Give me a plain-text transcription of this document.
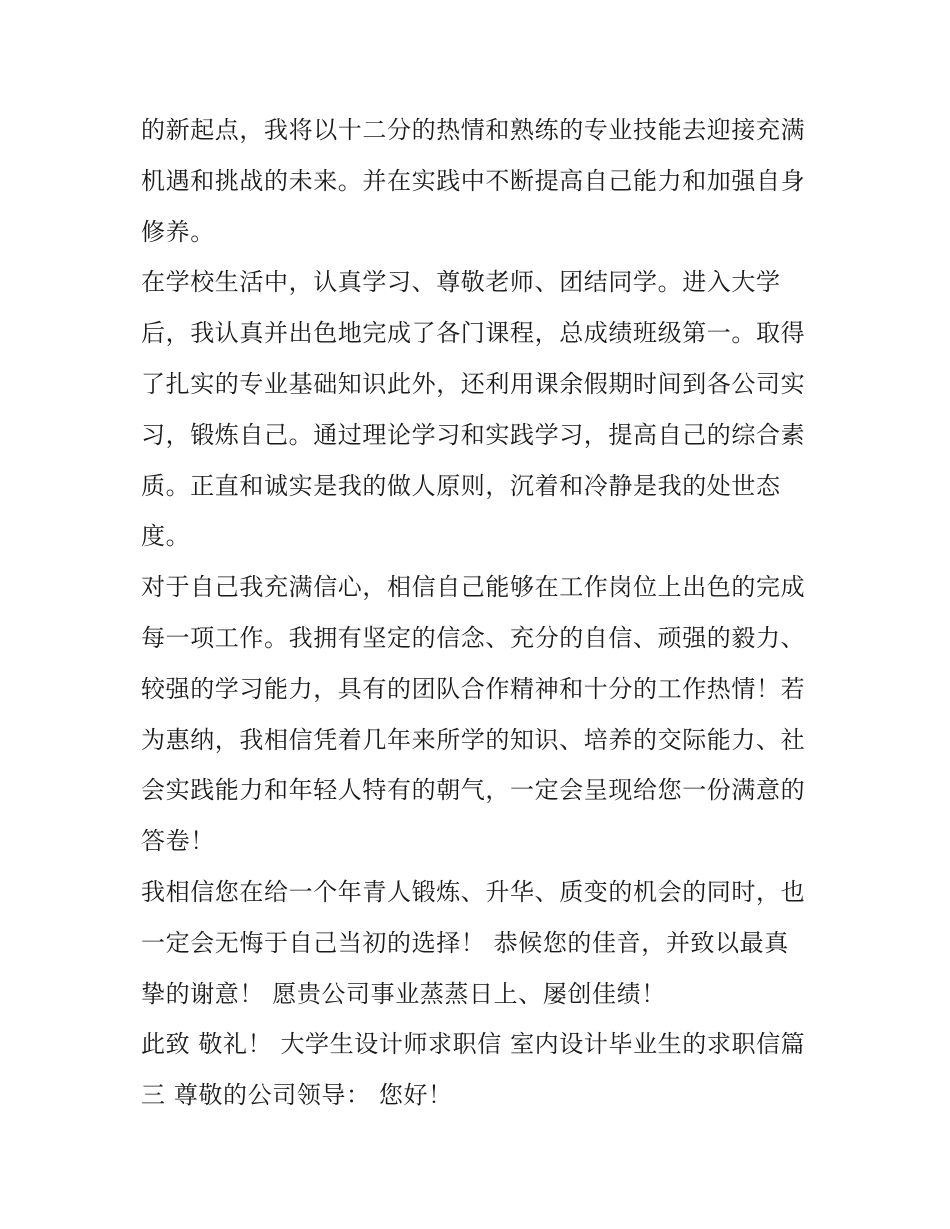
的新起点，我将以十二分的热情和熟练的专业技能去迎接充满
机遇和挑战的未来。并在实践中不断提高自己能力和加强自身
修养。
在学校生活中，认真学习、尊敬老师、团结同学。进入大学
后，我认真并出色地完成了各门课程，总成绩班级第一。取得
了扎实的专业基础知识此外，还利用课余假期时间到各公司实
习，锻炼自己。通过理论学习和实践学习，提高自己的综合素
质。正直和诚实是我的做人原则，沉着和冷静是我的处世态
度。
对于自己我充满信心，相信自己能够在工作岗位上出色的完成
每一项工作。我拥有坚定的信念、充分的自信、顽强的毅力、
较强的学习能力，具有的团队合作精神和十分的工作热情！若
为惠纳，我相信凭着几年来所学的知识、培养的交际能力、社
会实践能力和年轻人特有的朝气，一定会呈现给您一份满意的
答卷！
我相信您在给一个年青人锻炼、升华、质变的机会的同时，也
一定会无悔于自己当初的选择！ 恭候您的佳音，并致以最真
挚的谢意！ 愿贵公司事业蒸蒸日上、屡创佳绩！
此致 敬礼！ 大学生设计师求职信 室内设计毕业生的求职信篇
三 尊敬的公司领导： 您好！
